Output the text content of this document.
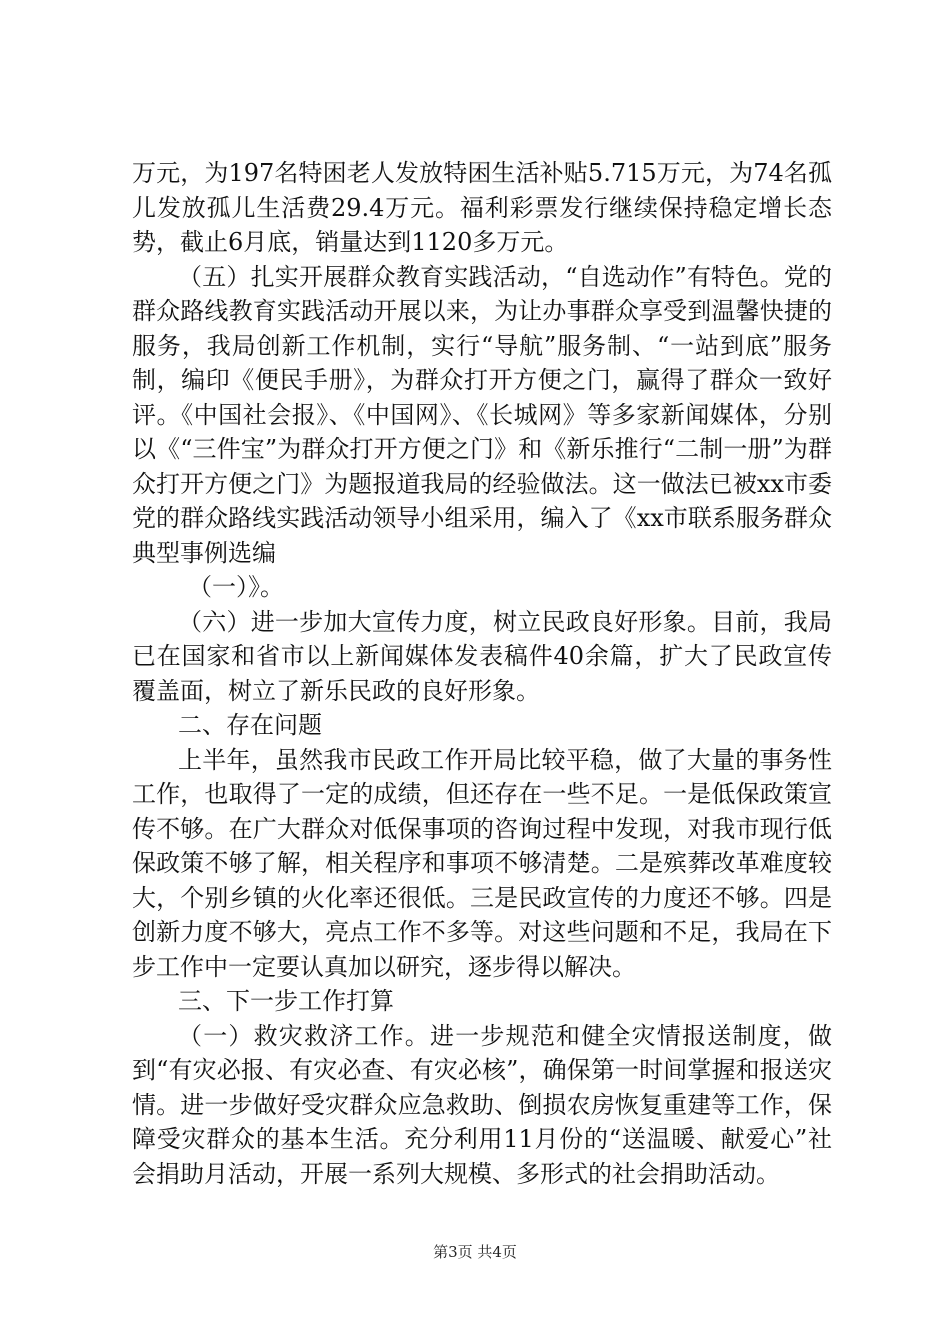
万元，为197名特困老人发放特困生活补贴5.715万元，为74名孤儿发放孤儿生活费29.4万元。福利彩票发行继续保持稳定增长态势，截止6月底，销量达到1120多万元。

（五）扎实开展群众教育实践活动，“自选动作”有特色。党的群众路线教育实践活动开展以来，为让办事群众享受到温馨快捷的服务，我局创新工作机制，实行“导航”服务制、“一站到底”服务制，编印《便民手册》，为群众打开方便之门，赢得了群众一致好评。《中国社会报》、《中国网》、《长城网》等多家新闻媒体，分别以《“三件宝”为群众打开方便之门》和《新乐推行“二制一册”为群众打开方便之门》为题报道我局的经验做法。这一做法已被xx市委党的群众路线实践活动领导小组采用，编入了《xx市联系服务群众典型事例选编

（一）》。

（六）进一步加大宣传力度，树立民政良好形象。目前，我局已在国家和省市以上新闻媒体发表稿件40余篇，扩大了民政宣传覆盖面，树立了新乐民政的良好形象。

二、存在问题

上半年，虽然我市民政工作开局比较平稳，做了大量的事务性工作，也取得了一定的成绩，但还存在一些不足。一是低保政策宣传不够。在广大群众对低保事项的咨询过程中发现，对我市现行低保政策不够了解，相关程序和事项不够清楚。二是殡葬改革难度较大，个别乡镇的火化率还很低。三是民政宣传的力度还不够。四是创新力度不够大，亮点工作不多等。对这些问题和不足，我局在下步工作中一定要认真加以研究，逐步得以解决。

三、下一步工作打算

（一）救灾救济工作。进一步规范和健全灾情报送制度，做到“有灾必报、有灾必查、有灾必核”，确保第一时间掌握和报送灾情。进一步做好受灾群众应急救助、倒损农房恢复重建等工作，保障受灾群众的基本生活。充分利用11月份的“送温暖、献爱心”社会捐助月活动，开展一系列大规模、多形式的社会捐助活动。

第3页 共4页
